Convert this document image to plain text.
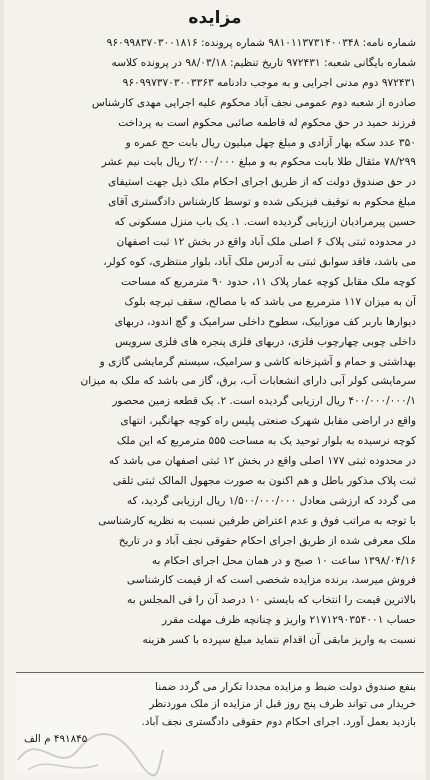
مزایده

شماره نامه: ۹۸۱۰۱۱۳۷۳۱۴۰۰۳۴۸ شماره پرونده: ۹۶۰۹۹۸۳۷۰۳۰۰۱۸۱۶
شماره بایگانی شعبه: ۹۷۲۴۳۱ تاریخ تنظیم: ۹۸/۰۳/۱۸ در پرونده کلاسه
۹۷۲۴۳۱ دوم مدنی اجرایی و به موجب دادنامه ۹۶۰۹۹۷۳۷۰۳۰۰۳۳۶۳
صادره از شعبه دوم عمومی نجف آباد محکوم علیه اجرایی مهدی کارشناس
فرزند حمید در حق محکوم له فاطمه صائبی محکوم است به پرداخت
۳۵۰ عدد سکه بهار آزادی و مبلغ چهل میلیون ریال بابت حج عمره و
۷۸/۲۹۹ مثقال طلا بابت محکوم به و مبلغ ۲/۰۰۰/۰۰۰ ریال بابت نیم عشر
در حق صندوق دولت که از طریق اجرای احکام ملک ذیل جهت استیفای
مبلغ محکوم به توقیف فیزیکی شده و توسط کارشناس دادگستری آقای
حسین پیرمرادیان ارزیابی گردیده است. ۱. یک باب منزل مسکونی که
در محدوده ثبتی پلاک ۶ اصلی ملک آباد واقع در بخش ۱۲ ثبت اصفهان
می باشد، فاقد سوابق ثبتی به آدرس ملک آباد، بلوار منتظری، کوه کولر،
کوچه ملک مقابل کوچه عمار پلاک ۱۱، حدود ۹۰ مترمربع که مساحت
آن به میزان ۱۱۷ مترمربع می باشد که با مصالح، سقف تیرچه بلوک
دیوارها باربر کف موزاییک، سطوح داخلی سرامیک و گچ اندود، دربهای
داخلی چوبی چهارچوب فلزی، دربهای فلزی پنجره های فلزی سرویس
بهداشتی و حمام و آشپزخانه کاشی و سرامیک، سیستم گرمایشی گازی و
سرمایشی کولر آبی دارای انشعابات آب، برق، گاز می باشد که ملک به میزان
۴۰۰/۰۰۰/۰۰۰/۱ ریال ارزیابی گردیده است. ۲. یک قطعه زمین محصور
واقع در اراضی مقابل شهرک صنعتی پلیس راه کوچه جهانگیر، انتهای
کوچه نرسیده به بلوار توحید یک به مساحت ۵۵۵ مترمربع که این ملک
در محدوده ثبتی ۱۷۷ اصلی واقع در بخش ۱۲ ثبتی اصفهان می باشد که
ثبت پلاک مذکور باطل و هم اکنون به صورت مجهول المالک ثبتی تلقی
می گردد که ارزشی معادل ۱/۵۰۰/۰۰۰/۰۰۰ ریال ارزیابی گردید، که
با توجه به مراتب فوق و عدم اعتراض طرفین نسبت به نظریه کارشناسی
ملک معرفی شده از طریق اجرای احکام حقوقی نجف آباد و در تاریخ
۱۳۹۸/۰۴/۱۶ ساعت ۱۰ صبح و در همان محل اجرای احکام به
فروش میرسد، برنده مزایده شخصی است که از قیمت کارشناسی
بالاترین قیمت را انتخاب که بایستی ۱۰ درصد آن را فی المجلس به
حساب ۲۱۷۱۲۹۰۳۵۴۰۰۱ واریز و چنانچه ظرف مهلت مقرر
نسبت به واریز مابقی آن اقدام ننماید مبلغ سپرده با کسر هزینه

بنفع صندوق دولت ضبط و مزایده مجددا تکرار می گردد ضمنا
خریدار می تواند ظرف پنج روز قبل از مزایده از ملک موردنظر
بازدید بعمل آورد. اجرای احکام دوم حقوقی دادگستری نجف آباد.
۴۹۱۸۴۵ م الف
